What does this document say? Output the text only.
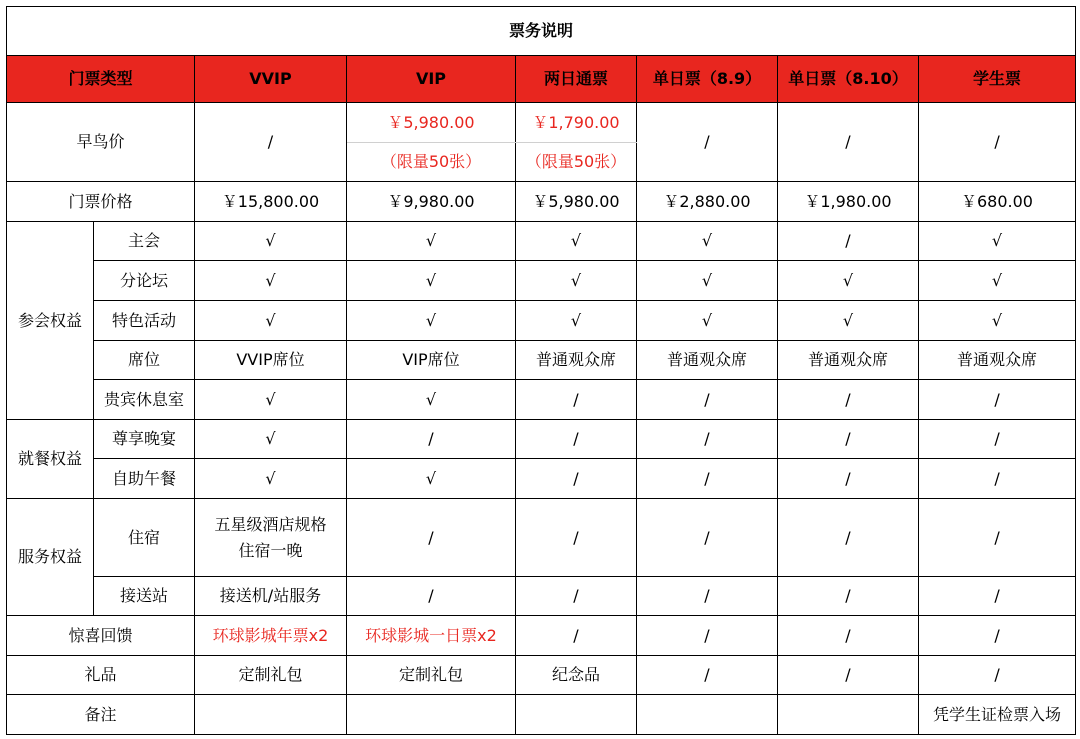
票务说明							
门票类型		VVIP	VIP	两日通票	单日票（8.9）	单日票（8.10）	学生票
早鸟价		/	￥5,980.00	￥1,790.00	/	/	/
			（限量50张）	（限量50张）			
门票价格		￥15,800.00	￥9,980.00	￥5,980.00	￥2,880.00	￥1,980.00	￥680.00
参会权益	主会	√	√	√	√	/	√
	分论坛	√	√	√	√	√	√
	特色活动	√	√	√	√	√	√
	席位	VVIP席位	VIP席位	普通观众席	普通观众席	普通观众席	普通观众席
	贵宾休息室	√	√	/	/	/	/
就餐权益	尊享晚宴	√	/	/	/	/	/
	自助午餐	√	√	/	/	/	/
服务权益	住宿	五星级酒店规格住宿一晚	/	/	/	/	/
	接送站	接送机/站服务	/	/	/	/	/
惊喜回馈		环球影城年票x2	环球影城一日票x2	/	/	/	/
礼品		定制礼包	定制礼包	纪念品	/	/	/
备注							凭学生证检票入场
